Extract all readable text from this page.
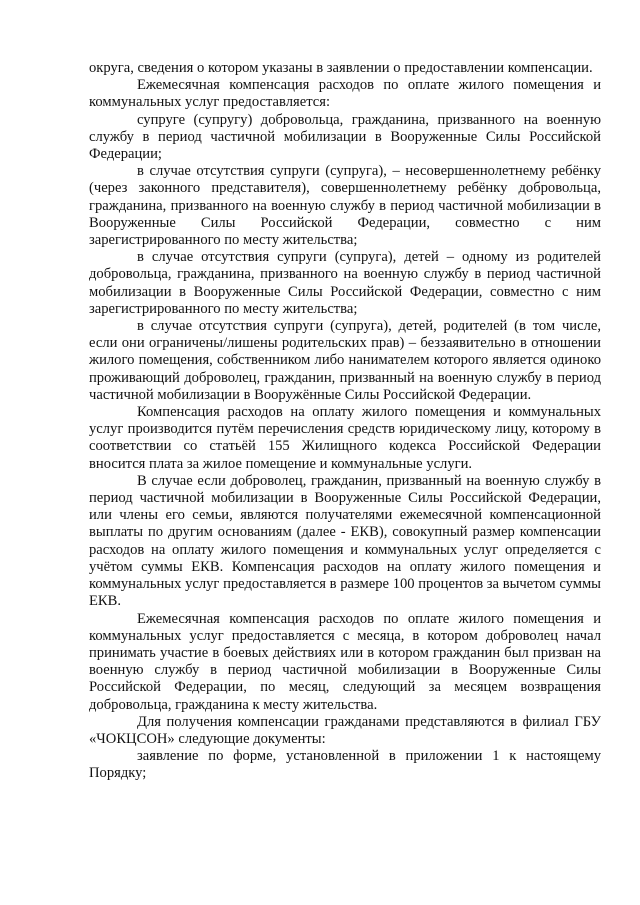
округа, сведения о котором указаны в заявлении о предоставлении компенсации.

Ежемесячная компенсация расходов по оплате жилого помещения и коммунальных услуг предоставляется:

супруге (супругу) добровольца, гражданина, призванного на военную службу в период частичной мобилизации в Вооруженные Силы Российской Федерации;

в случае отсутствия супруги (супруга), – несовершеннолетнему ребёнку (через законного представителя), совершеннолетнему ребёнку добровольца, гражданина, призванного на военную службу в период частичной мобилизации в Вооруженные Силы Российской Федерации, совместно с ним зарегистрированного по месту жительства;

в случае отсутствия супруги (супруга), детей – одному из родителей добровольца, гражданина, призванного на военную службу в период частичной мобилизации в Вооруженные Силы Российской Федерации, совместно с ним зарегистрированного по месту жительства;

в случае отсутствия супруги (супруга), детей, родителей (в том числе, если они ограничены/лишены родительских прав) – беззаявительно в отношении жилого помещения, собственником либо нанимателем которого является одиноко проживающий доброволец, гражданин, призванный на военную службу в период частичной мобилизации в Вооружённые Силы Российской Федерации.

Компенсация расходов на оплату жилого помещения и коммунальных услуг производится путём перечисления средств юридическому лицу, которому в соответствии со статьёй 155 Жилищного кодекса Российской Федерации вносится плата за жилое помещение и коммунальные услуги.

В случае если доброволец, гражданин, призванный на военную службу в период частичной мобилизации в Вооруженные Силы Российской Федерации, или члены его семьи, являются получателями ежемесячной компенсационной выплаты по другим основаниям (далее - ЕКВ), совокупный размер компенсации расходов на оплату жилого помещения и коммунальных услуг определяется с учётом суммы ЕКВ. Компенсация расходов на оплату жилого помещения и коммунальных услуг предоставляется в размере 100 процентов за вычетом суммы ЕКВ.

Ежемесячная компенсация расходов по оплате жилого помещения и коммунальных услуг предоставляется с месяца, в котором доброволец начал принимать участие в боевых действиях или в котором гражданин был призван на военную службу в период частичной мобилизации в Вооруженные Силы Российской Федерации, по месяц, следующий за месяцем возвращения добровольца, гражданина к месту жительства.

Для получения компенсации гражданами представляются в филиал ГБУ «ЧОКЦСОН» следующие документы:

заявление по форме, установленной в приложении 1 к настоящему Порядку;
